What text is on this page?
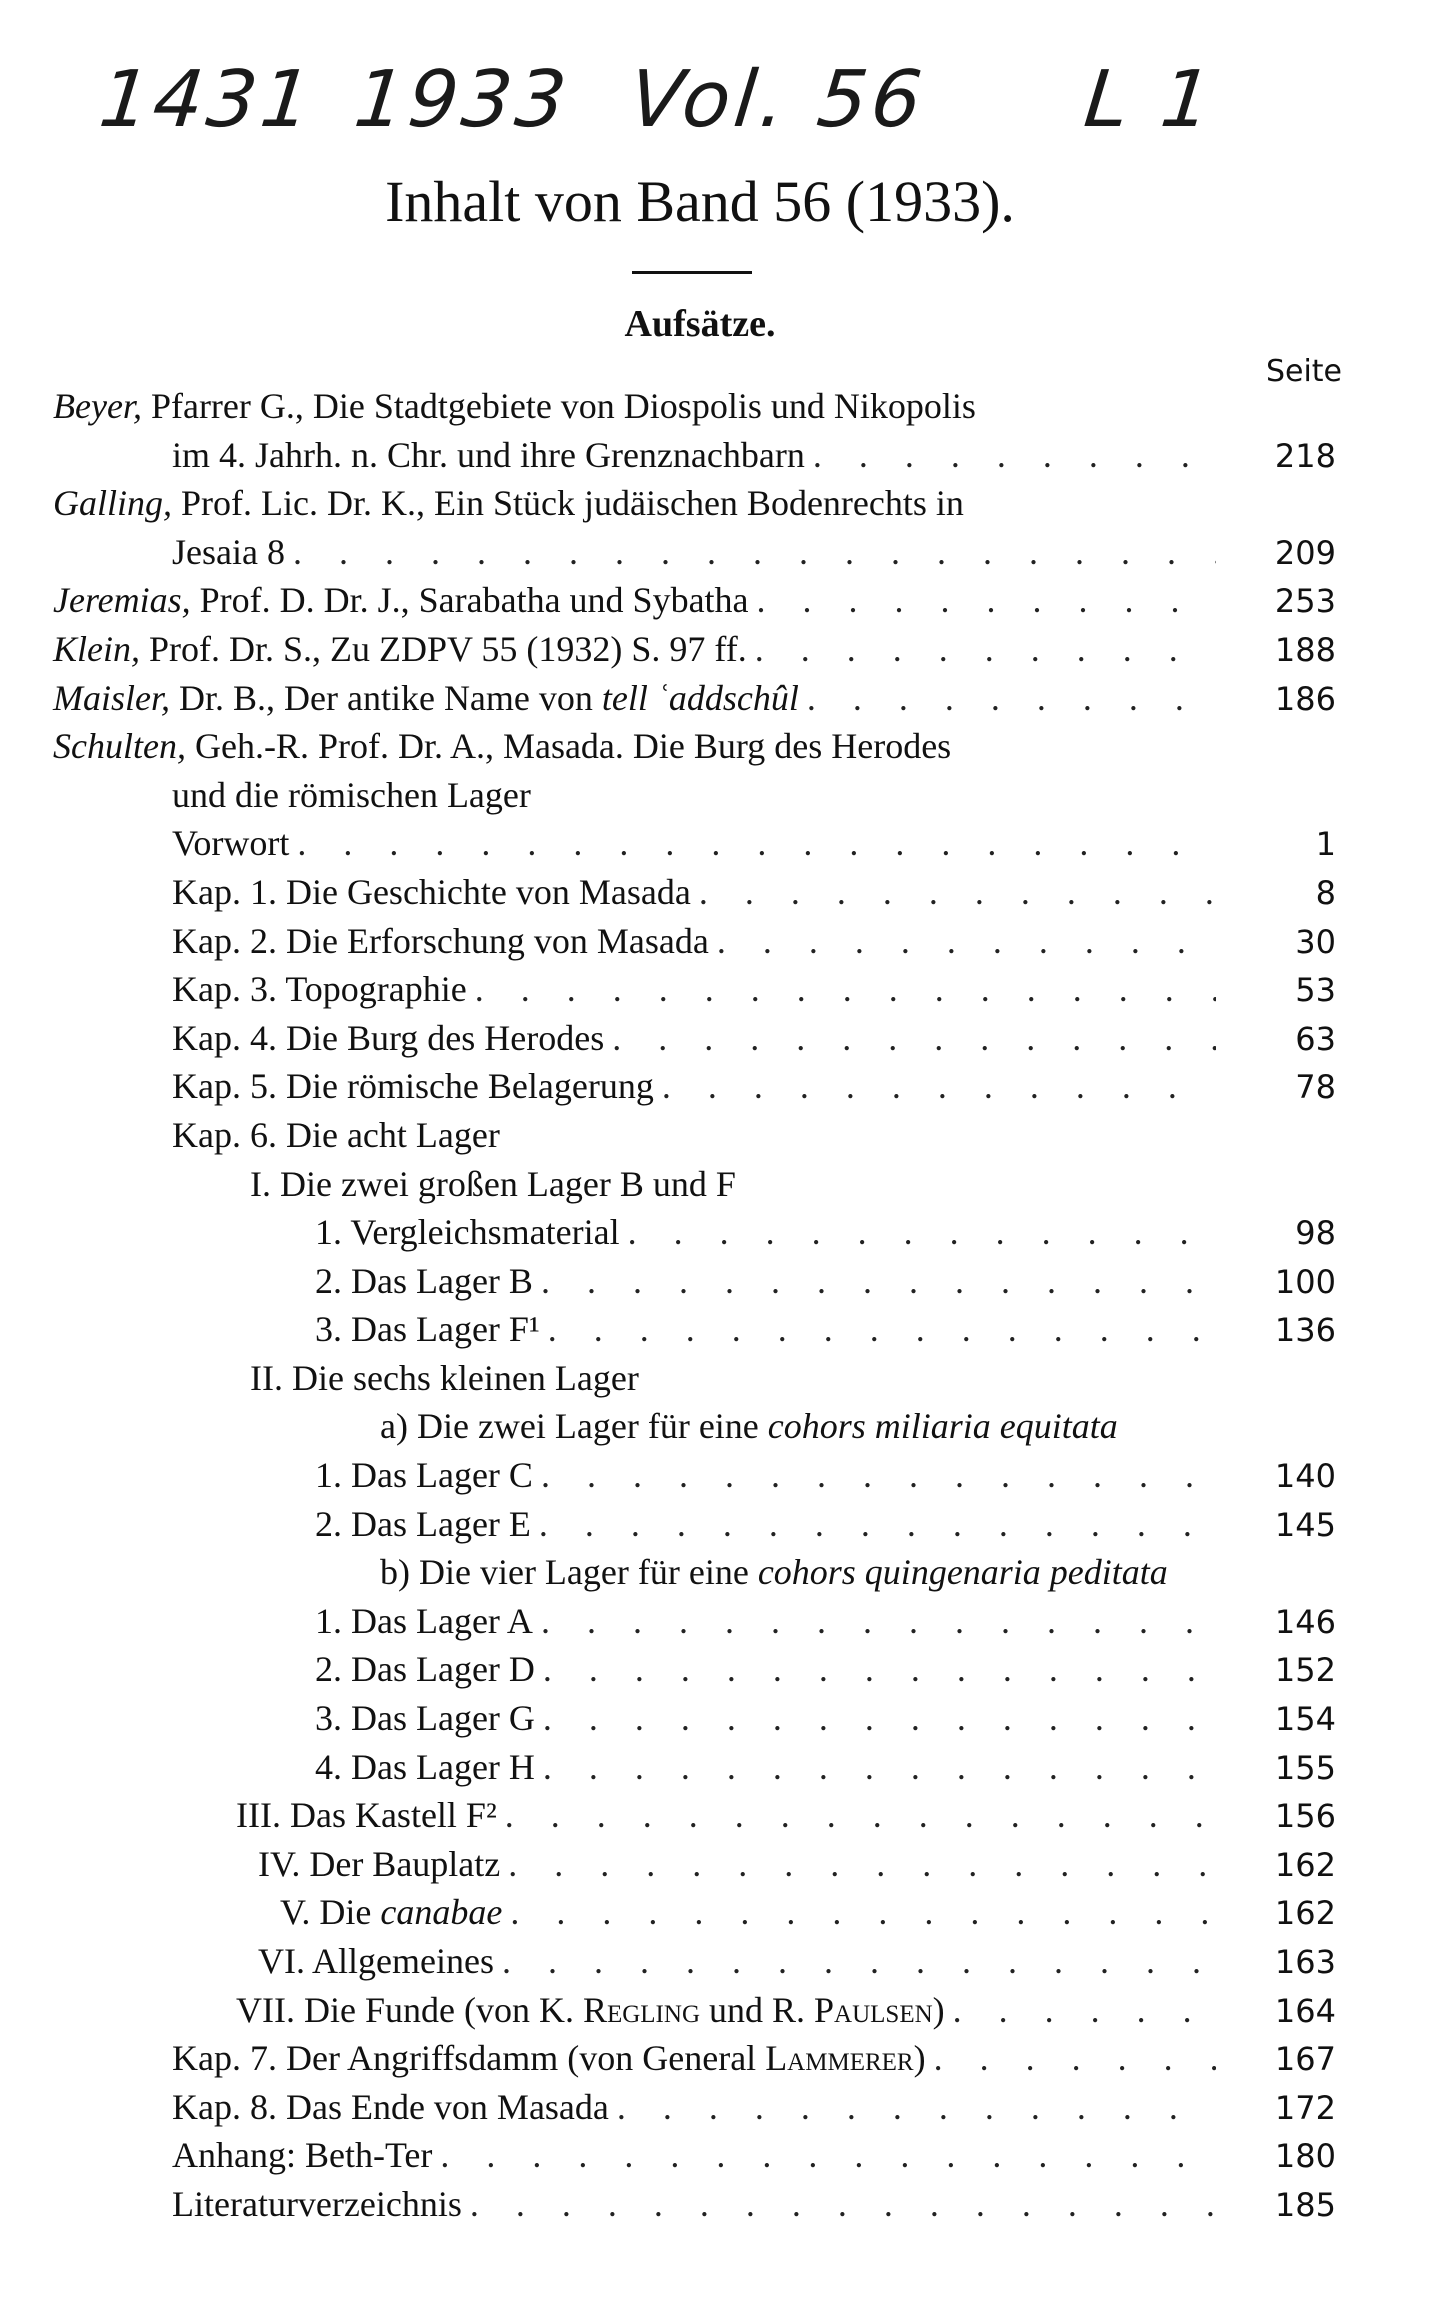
1431 1933 Vol. 56 L 1
Inhalt von Band 56 (1933).
Aufsätze.
Seite
Beyer, Pfarrer G., Die Stadtgebiete von Diospolis und Nikopolis
im 4. Jahrh. n. Chr. und ihre Grenznachbarn . . .	218
Galling, Prof. Lic. Dr. K., Ein Stück judäischen Bodenrechts in
Jesaia 8 . . .	209
Jeremias, Prof. D. Dr. J., Sarabatha und Sybatha . . .	253
Klein, Prof. Dr. S., Zu ZDPV 55 (1932) S. 97 ff. . . .	188
Maisler, Dr. B., Der antike Name von tell ʿaddschûl . . .	186
Schulten, Geh.-R. Prof. Dr. A., Masada. Die Burg des Herodes
und die römischen Lager
Vorwort . . .	1
Kap. 1. Die Geschichte von Masada . . .	8
Kap. 2. Die Erforschung von Masada . . .	30
Kap. 3. Topographie . . .	53
Kap. 4. Die Burg des Herodes . . .	63
Kap. 5. Die römische Belagerung . . .	78
Kap. 6. Die acht Lager
I. Die zwei großen Lager B und F
1. Vergleichsmaterial . . .	98
2. Das Lager B . . .	100
3. Das Lager F¹ . . .	136
II. Die sechs kleinen Lager
a) Die zwei Lager für eine cohors miliaria equitata
1. Das Lager C . . .	140
2. Das Lager E . . .	145
b) Die vier Lager für eine cohors quingenaria peditata
1. Das Lager A . . .	146
2. Das Lager D . . .	152
3. Das Lager G . . .	154
4. Das Lager H . . .	155
III. Das Kastell F² . . .	156
IV. Der Bauplatz . . .	162
V. Die canabae . . .	162
VI. Allgemeines . . .	163
VII. Die Funde (von K. Regling und R. Paulsen) . . .	164
Kap. 7. Der Angriffsdamm (von General Lammerer) . . .	167
Kap. 8. Das Ende von Masada . . .	172
Anhang: Beth-Ter . . .	180
Literaturverzeichnis . . .	185
